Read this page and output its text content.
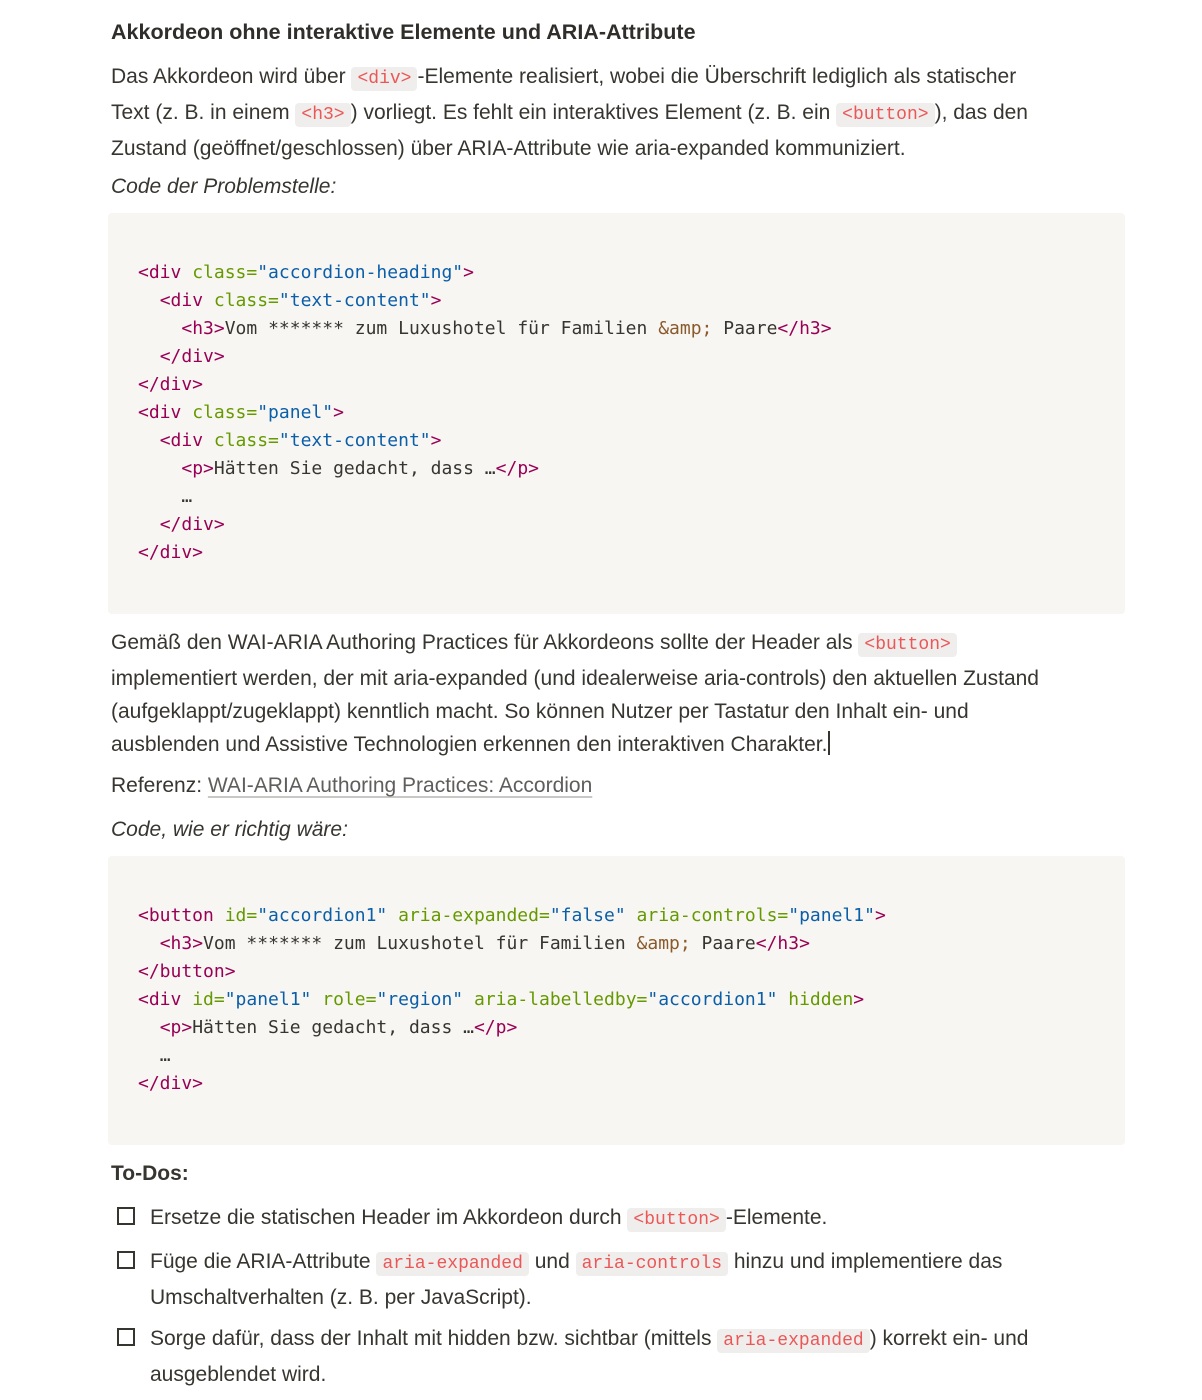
Akkordeon ohne interaktive Elemente und ARIA-Attribute

Das Akkordeon wird über <div> -Elemente realisiert, wobei die Überschrift lediglich als statischer
Text (z. B. in einem <h3> ) vorliegt. Es fehlt ein interaktives Element (z. B. ein <button> ), das den
Zustand (geöffnet/geschlossen) über ARIA-Attribute wie aria-expanded kommuniziert.

Code der Problemstelle:

<div class="accordion-heading">
<div class="text-content">
<h3>Vom ******* zum Luxushotel für Familien &amp; Paare</h3>
</div>
</div>
<div class="panel">
<div class="text-content">
<p>Hätten Sie gedacht, dass …</p>
…
</div>
</div>

Gemäß den WAI-ARIA Authoring Practices für Akkordeons sollte der Header als <button>
implementiert werden, der mit aria-expanded (und idealerweise aria-controls) den aktuellen Zustand
(aufgeklappt/zugeklappt) kenntlich macht. So können Nutzer per Tastatur den Inhalt ein- und
ausblenden und Assistive Technologien erkennen den interaktiven Charakter.

Referenz: WAI-ARIA Authoring Practices: Accordion

Code, wie er richtig wäre:

<button id="accordion1" aria-expanded="false" aria-controls="panel1">
<h3>Vom ******* zum Luxushotel für Familien &amp; Paare</h3>
</button>
<div id="panel1" role="region" aria-labelledby="accordion1" hidden>
<p>Hätten Sie gedacht, dass …</p>
…
</div>

To-Dos:

Ersetze die statischen Header im Akkordeon durch <button> -Elemente.
Füge die ARIA-Attribute aria-expanded und aria-controls hinzu und implementiere das
Umschaltverhalten (z. B. per JavaScript).
Sorge dafür, dass der Inhalt mit hidden bzw. sichtbar (mittels aria-expanded ) korrekt ein- und
ausgeblendet wird.
